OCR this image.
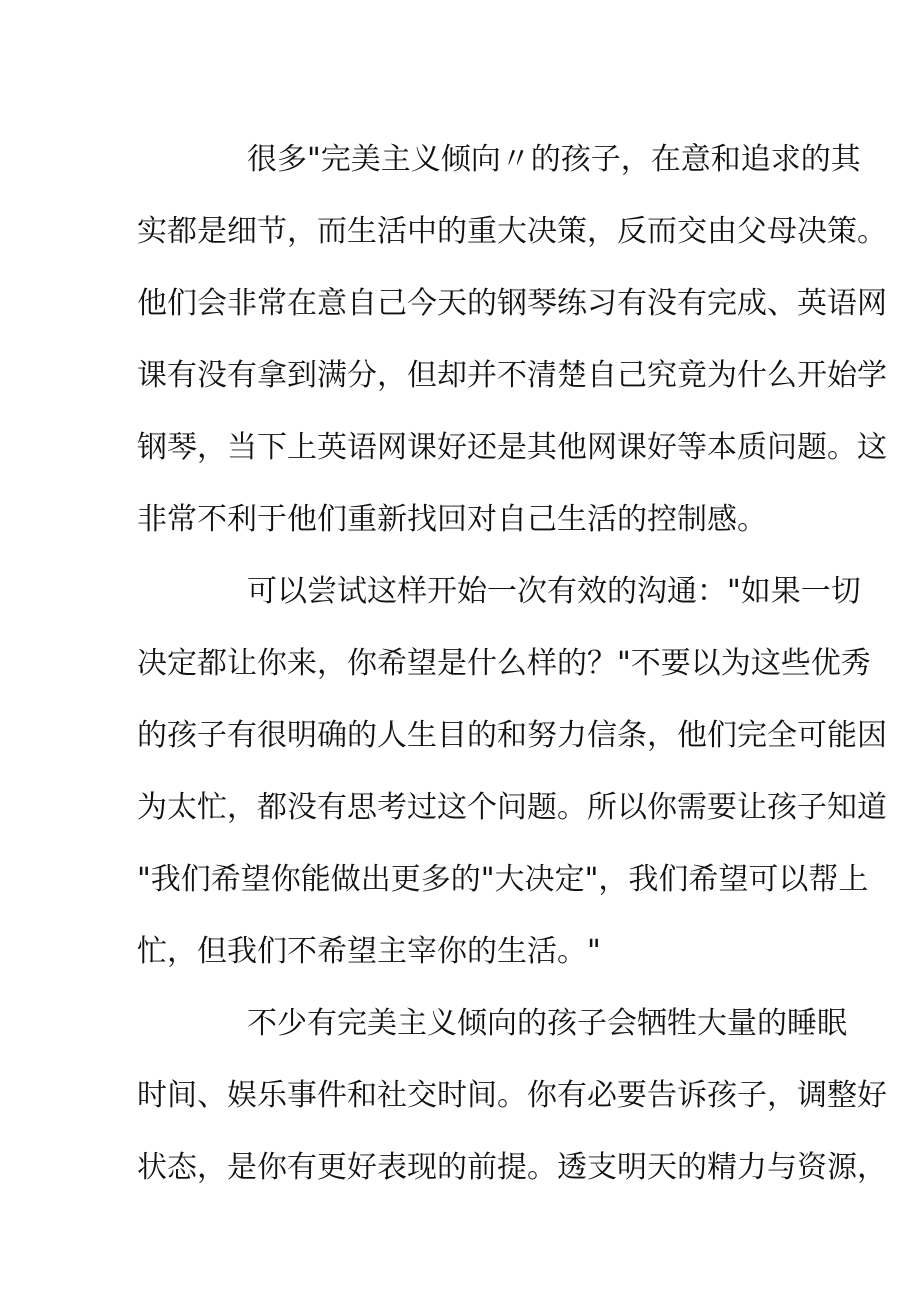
很多"完美主义倾向〃的孩子，在意和追求的其
实都是细节，而生活中的重大决策，反而交由父母决策。
他们会非常在意自己今天的钢琴练习有没有完成、英语网
课有没有拿到满分，但却并不清楚自己究竟为什么开始学
钢琴，当下上英语网课好还是其他网课好等本质问题。这
非常不利于他们重新找回对自己生活的控制感。
可以尝试这样开始一次有效的沟通："如果一切
决定都让你来，你希望是什么样的？"不要以为这些优秀
的孩子有很明确的人生目的和努力信条，他们完全可能因
为太忙，都没有思考过这个问题。所以你需要让孩子知道
"我们希望你能做出更多的"大决定"，我们希望可以帮上
忙，但我们不希望主宰你的生活。"
不少有完美主义倾向的孩子会牺牲大量的睡眠
时间、娱乐事件和社交时间。你有必要告诉孩子，调整好
状态，是你有更好表现的前提。透支明天的精力与资源，
